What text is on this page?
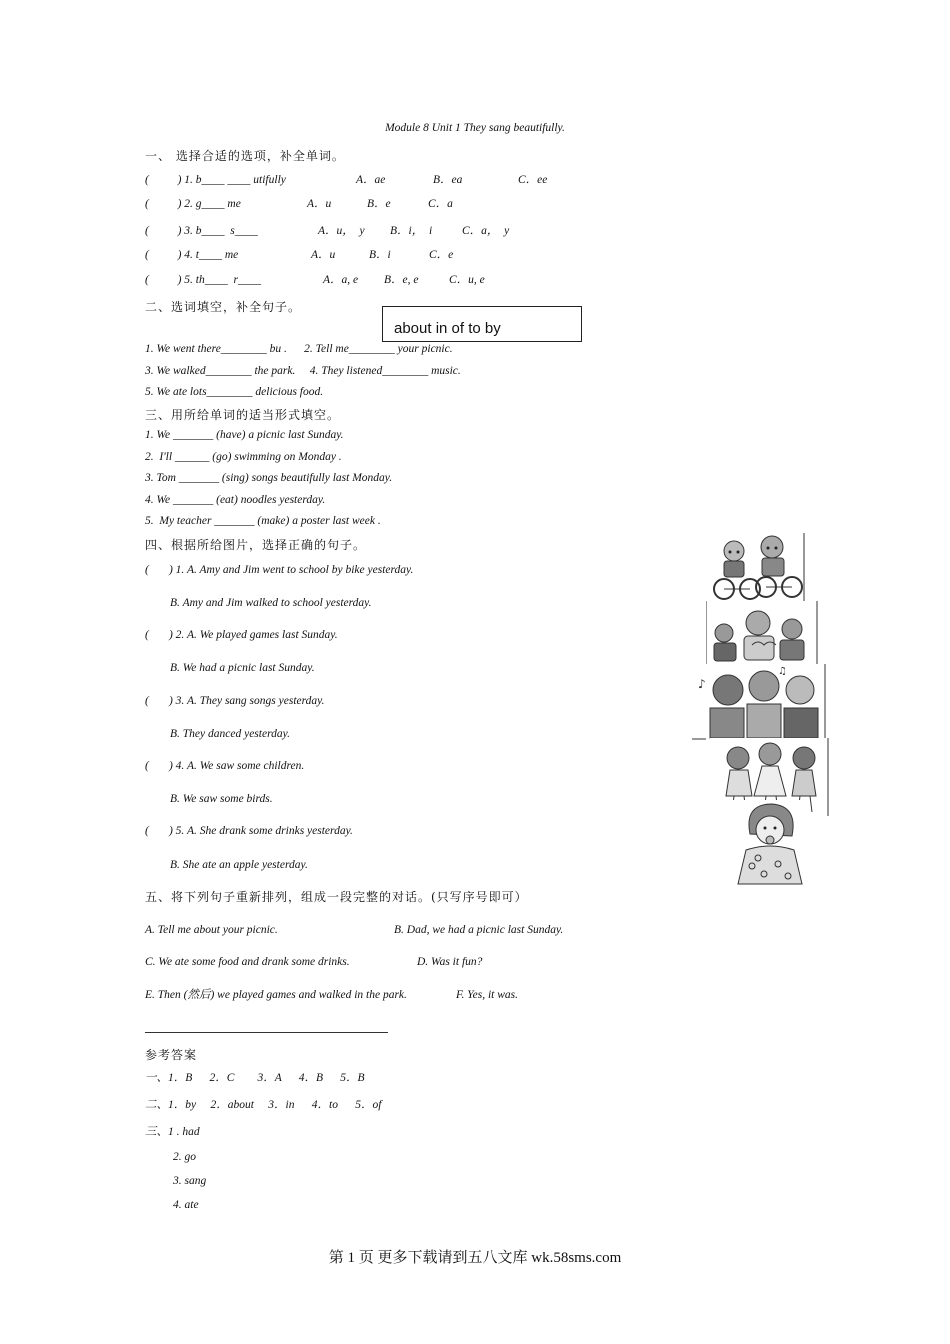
Module 8 Unit 1 They sang beautifully.
一、 选择合适的选项，补全单词。
(          ) 1. b____ ____ utifully	A．ae	B．ea	C．ee
(          ) 2. g____ me	A．u	B．e	C．a
(          ) 3. b____  s____	A．u，  y B．i，  i	C．a，  y
(          ) 4. t____ me	A．u	B．i	C．e
(          ) 5. th____  r____	A．a, e B．e, e	C．u, e
二、选词填空，补全句子。
about in of to by
1. We went there________ bu .      2. Tell me________ your picnic.
3. We walked________ the park.     4. They listened________ music.
5. We ate lots________ delicious food.
三、用所给单词的适当形式填空。
1. We _______ (have) a picnic last Sunday.
2.  I'll ______ (go) swimming on Monday .
3. Tom _______ (sing) songs beautifully last Monday.
4. We _______ (eat) noodles yesterday.
5.  My teacher _______ (make) a poster last week .
四、根据所给图片，选择正确的句子。
(       ) 1. A. Amy and Jim went to school by bike yesterday.
B. Amy and Jim walked to school yesterday.
(       ) 2. A. We played games last Sunday.
B. We had a picnic last Sunday.
(       ) 3. A. They sang songs yesterday.
B. They danced yesterday.
(       ) 4. A. We saw some children.
B. We saw some birds.
(       ) 5. A. She drank some drinks yesterday.
B. She ate an apple yesterday.
♪
♫
五、将下列句子重新排列，组成一段完整的对话。(只写序号即可）
A. Tell me about your picnic.	B. Dad, we had a picnic last Sunday.
C. We ate some food and drank some drinks.	D. Was it fun?
E. Then (然后) we played games and walked in the park.	F. Yes, it was.
参考答案
一、1．B      2．C        3．A      4．B      5．B
二、1．by     2．about     3．in      4．to      5．of
三、1 . had
2. go
3. sang
4. ate
第 1 页 更多下载请到五八文库 wk.58sms.com
